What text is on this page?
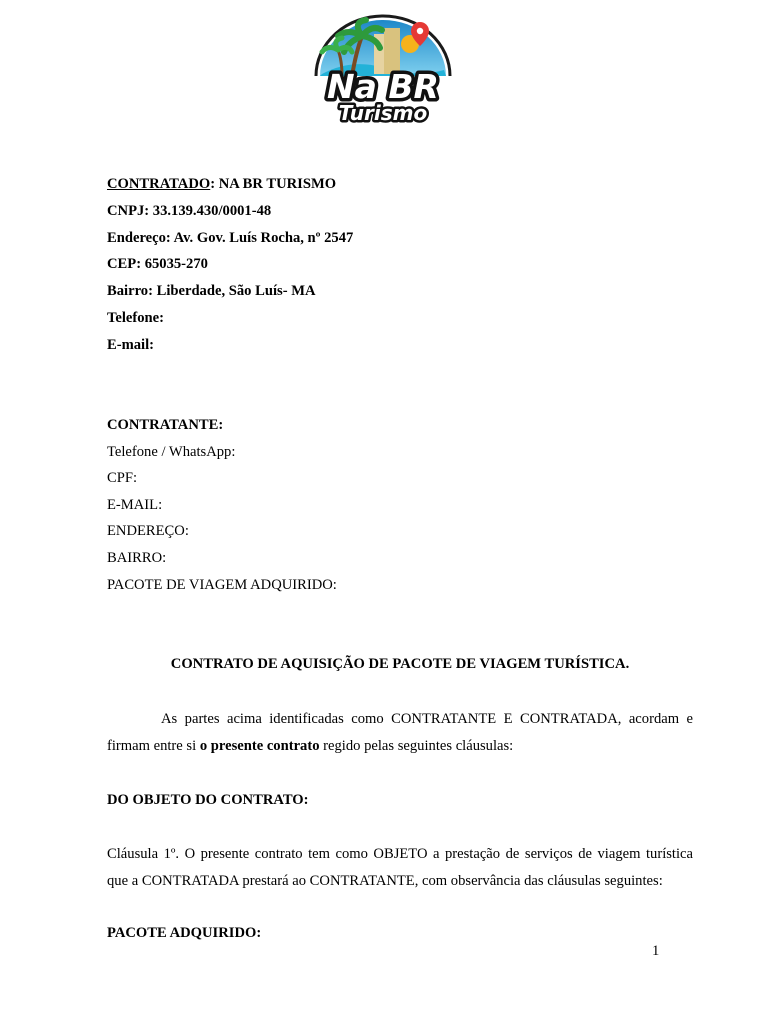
Na BR
Turismo
CONTRATADO: NA BR TURISMO
CNPJ: 33.139.430/0001-48
Endereço: Av. Gov. Luís Rocha, nº 2547
CEP: 65035-270
Bairro: Liberdade, São Luís- MA
Telefone:
E-mail:
CONTRATANTE:
Telefone / WhatsApp:
CPF:
E-MAIL:
ENDEREÇO:
BAIRRO:
PACOTE DE VIAGEM ADQUIRIDO:
CONTRATO DE AQUISIÇÃO DE PACOTE DE VIAGEM TURÍSTICA.
As partes acima identificadas como CONTRATANTE E CONTRATADA, acordam e
firmam entre si o presente contrato regido pelas seguintes cláusulas:
DO OBJETO DO CONTRATO:
Cláusula 1º. O presente contrato tem como OBJETO a prestação de serviços de viagem turística
que a CONTRATADA prestará ao CONTRATANTE, com observância das cláusulas seguintes:
PACOTE ADQUIRIDO:
1
